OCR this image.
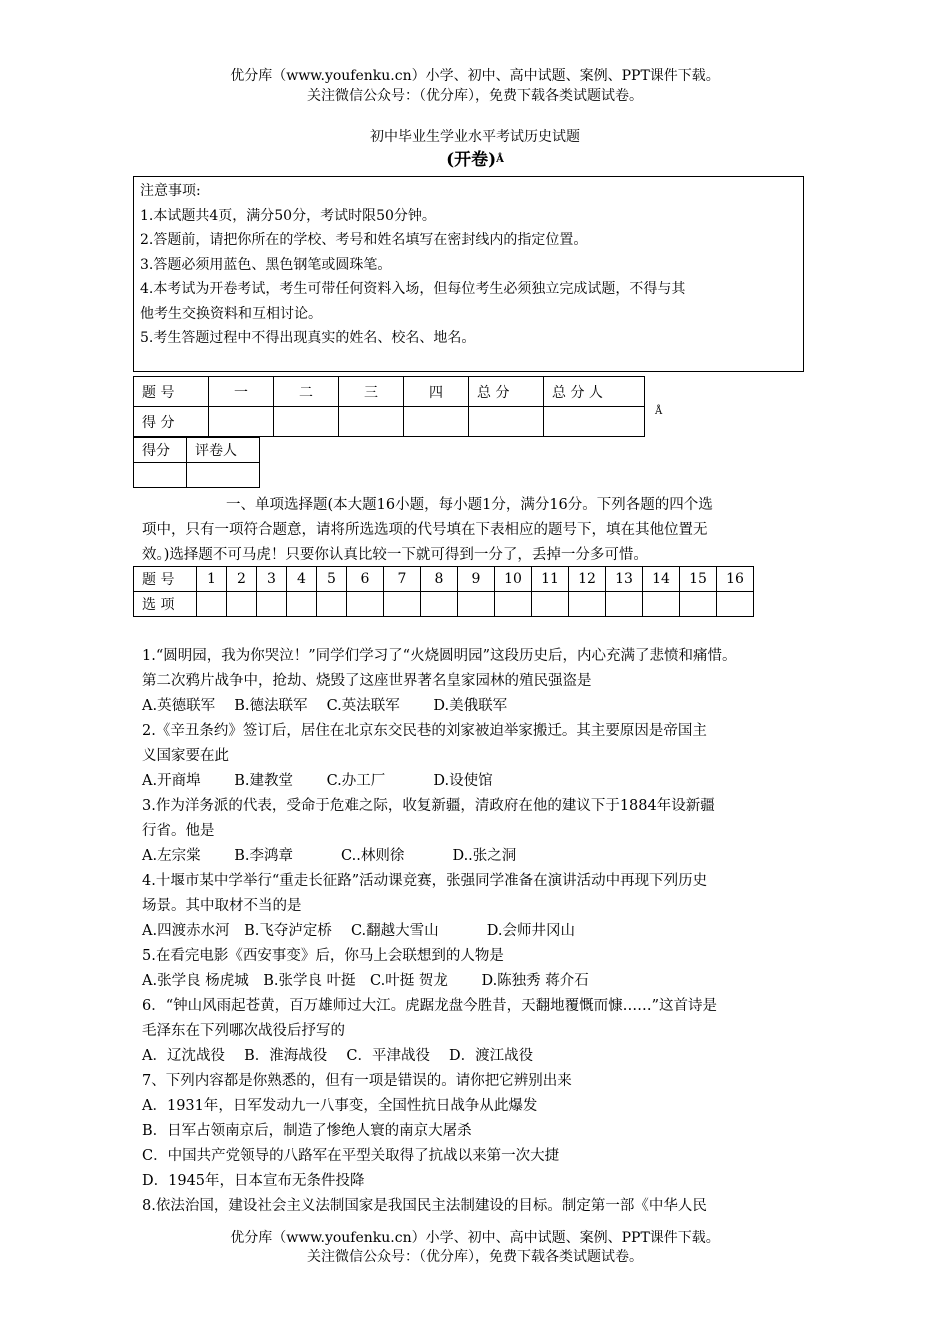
优分库（www.youfenku.cn）小学、初中、高中试题、案例、PPT课件下载。
关注微信公众号：（优分库），免费下载各类试题试卷。
初中毕业生学业水平考试历史试题
(开卷)$^Å$
注意事项:
1.本试题共4页，满分50分，考试时限50分钟。
2.答题前，请把你所在的学校、考号和姓名填写在密封线内的指定位置。
3.答题必须用蓝色、黑色钢笔或圆珠笔。
4.本考试为开卷考试，考生可带任何资料入场，但每位考生必须独立完成试题，不得与其
他考生交换资料和互相讨论。
5.考生答题过程中不得出现真实的姓名、校名、地名。
题 号	一	二	三	四	总 分	总 分 人
得 分						
Å
得分	评卷人

一、单项选择题(本大题16小题，每小题1分，满分16分。下列各题的四个选
项中，只有一项符合题意，请将所选选项的代号填在下表相应的题号下，填在其他位置无
效。)选择题不可马虎！只要你认真比较一下就可得到一分了，丢掉一分多可惜。
题 号	1	2	3	4	5	6	7	8	9	10	11	12	13	14	15	16
选 项																
1.“圆明园，我为你哭泣！”同学们学习了“火烧圆明园”这段历史后，内心充满了悲愤和痛惜。
第二次鸦片战争中，抢劫、烧毁了这座世界著名皇家园林的殖民强盗是
A.英德联军　 B.德法联军　 C.英法联军　　 D.美俄联军
2.《辛丑条约》签订后，居住在北京东交民巷的刘家被迫举家搬迁。其主要原因是帝国主
义国家要在此
A.开商埠　　 B.建教堂　　 C.办工厂　　　 D.设使馆
3.作为洋务派的代表，受命于危难之际，收复新疆，清政府在他的建议下于1884年设新疆
行省。他是
A.左宗棠　　 B.李鸿章　　　 C..林则徐　　　 D..张之洞
4.十堰市某中学举行“重走长征路”活动课竞赛，张强同学准备在演讲活动中再现下列历史
场景。其中取材不当的是
A.四渡赤水河　B.飞夺泸定桥　 C.翻越大雪山　　　 D.会师井冈山
5.在看完电影《西安事变》后，你马上会联想到的人物是
A.张学良 杨虎城　B.张学良 叶挺　C.叶挺 贺龙　　 D.陈独秀 蒋介石
6．“钟山风雨起苍黄，百万雄师过大江。虎踞龙盘今胜昔，天翻地覆慨而慷……”这首诗是
毛泽东在下列哪次战役后抒写的
A．辽沈战役　 B．淮海战役　 C．平津战役　 D．渡江战役
7、下列内容都是你熟悉的，但有一项是错误的。请你把它辨别出来
A．1931年，日军发动九一八事变，全国性抗日战争从此爆发
B．日军占领南京后，制造了惨绝人寰的南京大屠杀
C．中国共产党领导的八路军在平型关取得了抗战以来第一次大捷
D．1945年，日本宣布无条件投降
8.依法治国，建设社会主义法制国家是我国民主法制建设的目标。制定第一部《中华人民
优分库（www.youfenku.cn）小学、初中、高中试题、案例、PPT课件下载。
关注微信公众号：（优分库），免费下载各类试题试卷。
